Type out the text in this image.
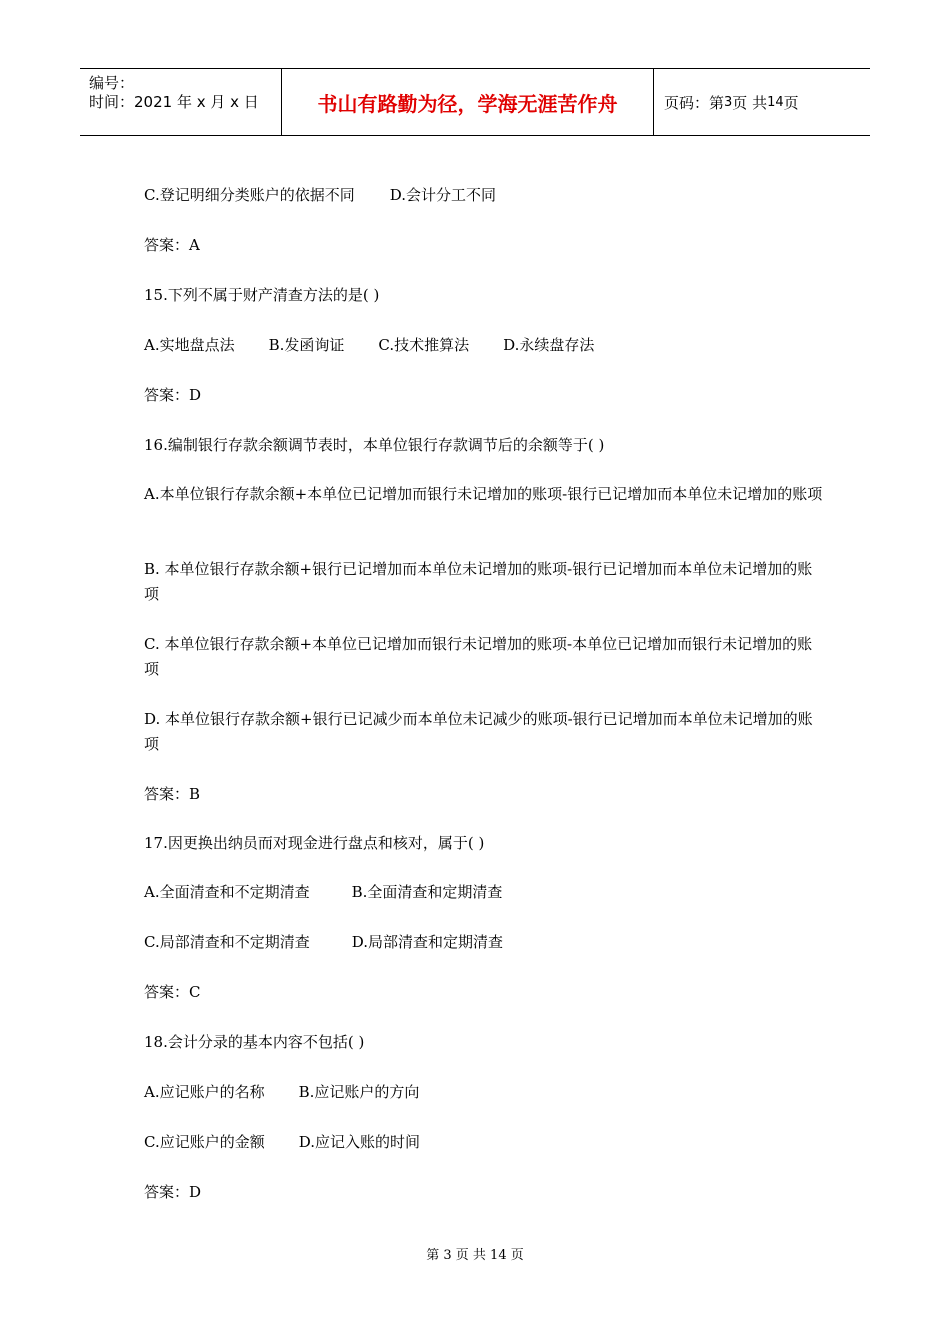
编号：
时间：2021 年 x 月 x 日	书山有路勤为径，学海无涯苦作舟	页码：第 3 页 共 14 页
C.登记明细分类账户的依据不同 D.会计分工不同
答案：A
15.下列不属于财产清查方法的是( )
A.实地盘点法 B.发函询证 C.技术推算法 D.永续盘存法
答案：D
16.编制银行存款余额调节表时，本单位银行存款调节后的余额等于( )
A.本单位银行存款余额+本单位已记增加而银行未记增加的账项-银行已记增加而本单位未记增加的账项
B. 本单位银行存款余额+银行已记增加而本单位未记增加的账项-银行已记增加而本单位未记增加的账项
C. 本单位银行存款余额+本单位已记增加而银行未记增加的账项-本单位已记增加而银行未记增加的账项
D. 本单位银行存款余额+银行已记减少而本单位未记减少的账项-银行已记增加而本单位未记增加的账项
答案：B
17.因更换出纳员而对现金进行盘点和核对，属于( )
A.全面清查和不定期清查	B.全面清查和定期清查
C.局部清查和不定期清查	D.局部清查和定期清查
答案：C
18.会计分录的基本内容不包括( )
A.应记账户的名称 B.应记账户的方向
C.应记账户的金额 D.应记入账的时间
答案：D
第 3 页 共 14 页
